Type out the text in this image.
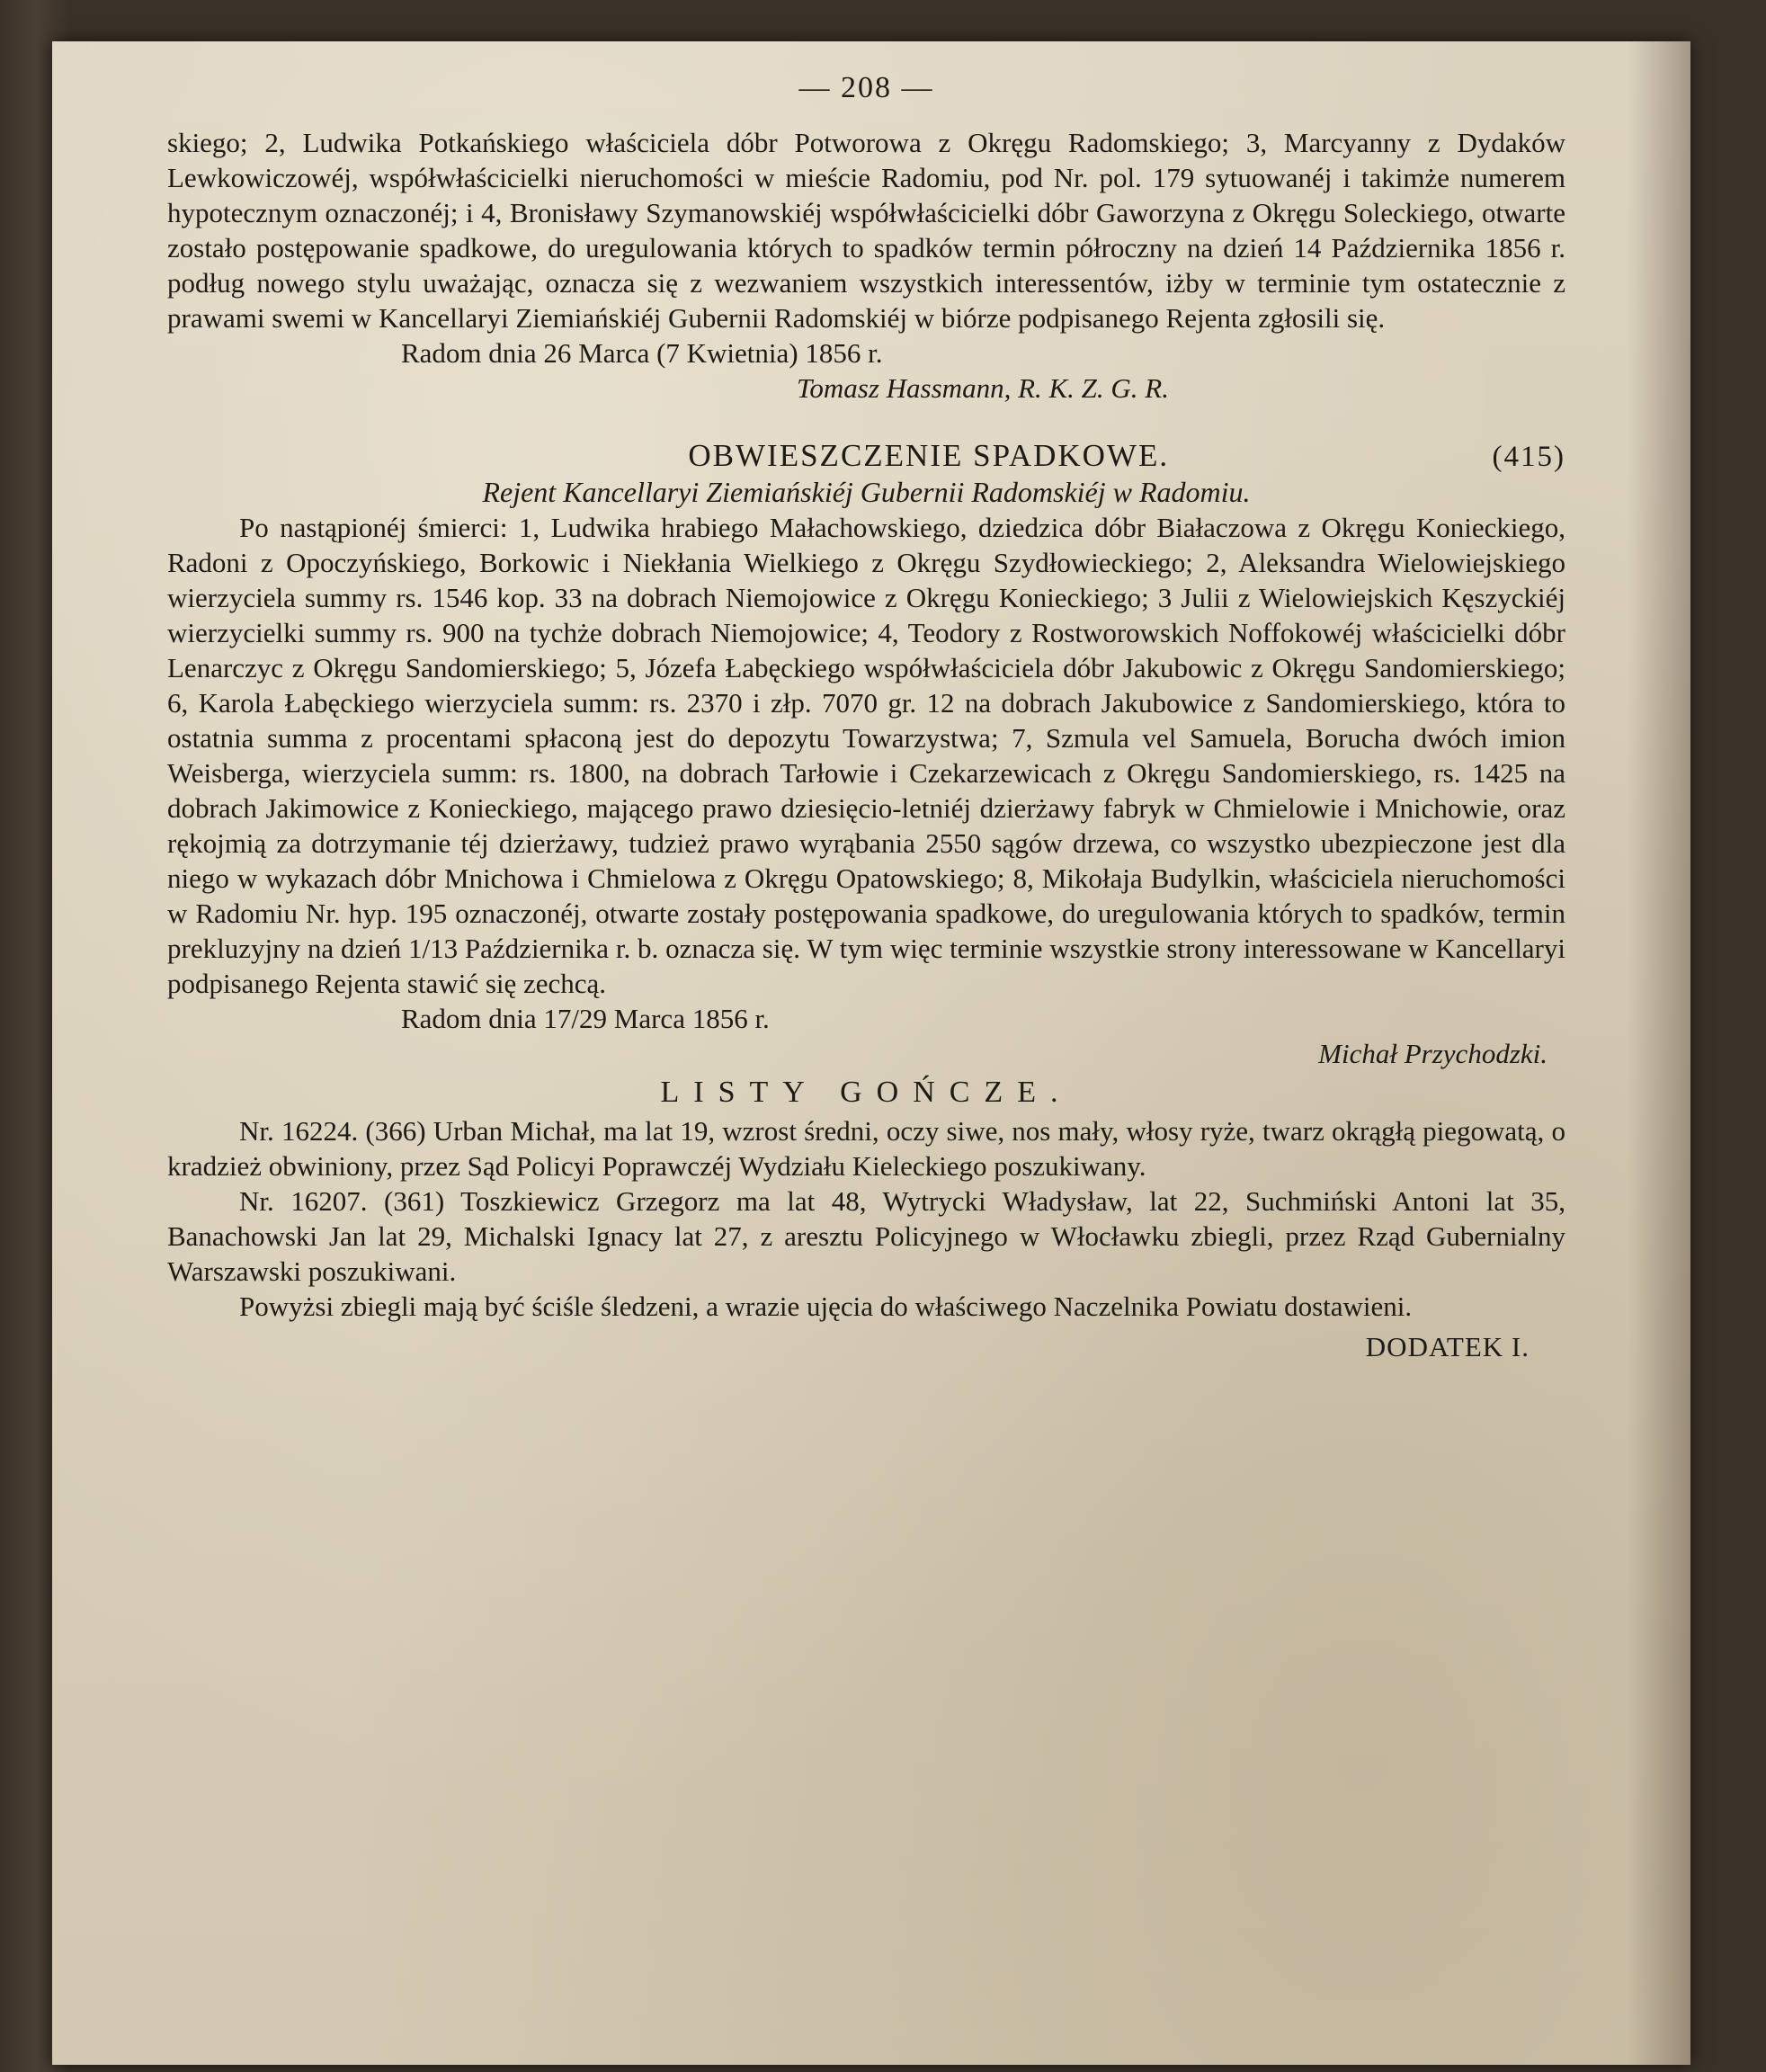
— 208 —

skiego; 2, Ludwika Potkańskiego właściciela dóbr Potworowa z Okręgu Radomskiego; 3, Marcyanny z Dydaków Lewkowiczowéj, współwłaścicielki nieruchomości w mieście Radomiu, pod Nr. pol. 179 sytuowanéj i takimże numerem hypotecznym oznaczonéj; i 4, Bronisławy Szymanowskiéj współwłaścicielki dóbr Gaworzyna z Okręgu Soleckiego, otwarte zostało postępowanie spadkowe, do uregulowania których to spadków termin półroczny na dzień 14 Października 1856 r. podług nowego stylu uważając, oznacza się z wezwaniem wszystkich interessentów, iżby w terminie tym ostatecznie z prawami swemi w Kancellaryi Ziemiańskiéj Gubernii Radomskiéj w biórze podpisanego Rejenta zgłosili się.

Radom dnia 26 Marca (7 Kwietnia) 1856 r.

Tomasz Hassmann, R. K. Z. G. R.

OBWIESZCZENIE SPADKOWE.	(415)

Rejent Kancellaryi Ziemiańskiéj Gubernii Radomskiéj w Radomiu.

Po nastąpionéj śmierci: 1, Ludwika hrabiego Małachowskiego, dziedzica dóbr Białaczowa z Okręgu Konieckiego, Radoni z Opoczyńskiego, Borkowic i Niekłania Wielkiego z Okręgu Szydłowieckiego; 2, Aleksandra Wielowiejskiego wierzyciela summy rs. 1546 kop. 33 na dobrach Niemojowice z Okręgu Konieckiego; 3 Julii z Wielowiejskich Kęszyckiéj wierzycielki summy rs. 900 na tychże dobrach Niemojowice; 4, Teodory z Rostworowskich Noffokowéj właścicielki dóbr Lenarczyc z Okręgu Sandomierskiego; 5, Józefa Łabęckiego współwłaściciela dóbr Jakubowic z Okręgu Sandomierskiego; 6, Karola Łabęckiego wierzyciela summ: rs. 2370 i złp. 7070 gr. 12 na dobrach Jakubowice z Sandomierskiego, która to ostatnia summa z procentami spłaconą jest do depozytu Towarzystwa; 7, Szmula vel Samuela, Borucha dwóch imion Weisberga, wierzyciela summ: rs. 1800, na dobrach Tarłowie i Czekarzewicach z Okręgu Sandomierskiego, rs. 1425 na dobrach Jakimowice z Konieckiego, mającego prawo dziesięcio-letniéj dzierżawy fabryk w Chmielowie i Mnichowie, oraz rękojmią za dotrzymanie téj dzierżawy, tudzież prawo wyrąbania 2550 sągów drzewa, co wszystko ubezpieczone jest dla niego w wykazach dóbr Mnichowa i Chmielowa z Okręgu Opatowskiego; 8, Mikołaja Budylkin, właściciela nieruchomości w Radomiu Nr. hyp. 195 oznaczonéj, otwarte zostały postępowania spadkowe, do uregulowania których to spadków, termin prekluzyjny na dzień 1/13 Października r. b. oznacza się. W tym więc terminie wszystkie strony interessowane w Kancellaryi podpisanego Rejenta stawić się zechcą.

Radom dnia 17/29 Marca 1856 r.

Michał Przychodzki.

LISTY GOŃCZE.

Nr. 16224. (366) Urban Michał, ma lat 19, wzrost średni, oczy siwe, nos mały, włosy ryże, twarz okrągłą piegowatą, o kradzież obwiniony, przez Sąd Policyi Poprawczéj Wydziału Kieleckiego poszukiwany.

Nr. 16207. (361) Toszkiewicz Grzegorz ma lat 48, Wytrycki Władysław, lat 22, Suchmiński Antoni lat 35, Banachowski Jan lat 29, Michalski Ignacy lat 27, z aresztu Policyjnego w Włocławku zbiegli, przez Rząd Gubernialny Warszawski poszukiwani.

Powyżsi zbiegli mają być ściśle śledzeni, a wrazie ujęcia do właściwego Naczelnika Powiatu dostawieni.

DODATEK I.
